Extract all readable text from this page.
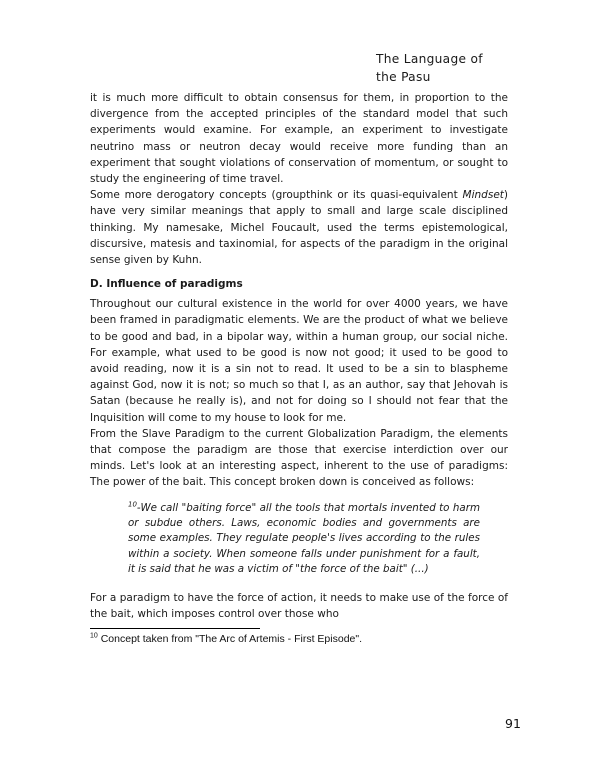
The Language of
the Pasu

it is much more difficult to obtain consensus for them, in proportion to the divergence from the accepted principles of the standard model that such experiments would examine. For example, an experiment to investigate neutrino mass or neutron decay would receive more funding than an experiment that sought violations of conservation of momentum, or sought to study the engineering of time travel.

Some more derogatory concepts (groupthink or its quasi-equivalent Mindset) have very similar meanings that apply to small and large scale disciplined thinking. My namesake, Michel Foucault, used the terms epistemological, discursive, matesis and taxinomial, for aspects of the paradigm in the original sense given by Kuhn.

D. Influence of paradigms

Throughout our cultural existence in the world for over 4000 years, we have been framed in paradigmatic elements. We are the product of what we believe to be good and bad, in a bipolar way, within a human group, our social niche. For example, what used to be good is now not good; it used to be good to avoid reading, now it is a sin not to read. It used to be a sin to blaspheme against God, now it is not; so much so that I, as an author, say that Jehovah is Satan (because he really is), and not for doing so I should not fear that the Inquisition will come to my house to look for me.

From the Slave Paradigm to the current Globalization Paradigm, the elements that compose the paradigm are those that exercise interdiction over our minds. Let's look at an interesting aspect, inherent to the use of paradigms: The power of the bait. This concept broken down is conceived as follows:

$^{10}$-We call "baiting force" all the tools that mortals invented to harm or subdue others. Laws, economic bodies and governments are some examples. They regulate people's lives according to the rules within a society. When someone falls under punishment for a fault, it is said that he was a victim of "the force of the bait" (...)

For a paradigm to have the force of action, it needs to make use of the force of the bait, which imposes control over those who

$^{10}$ Concept taken from "The Arc of Artemis - First Episode".
91
